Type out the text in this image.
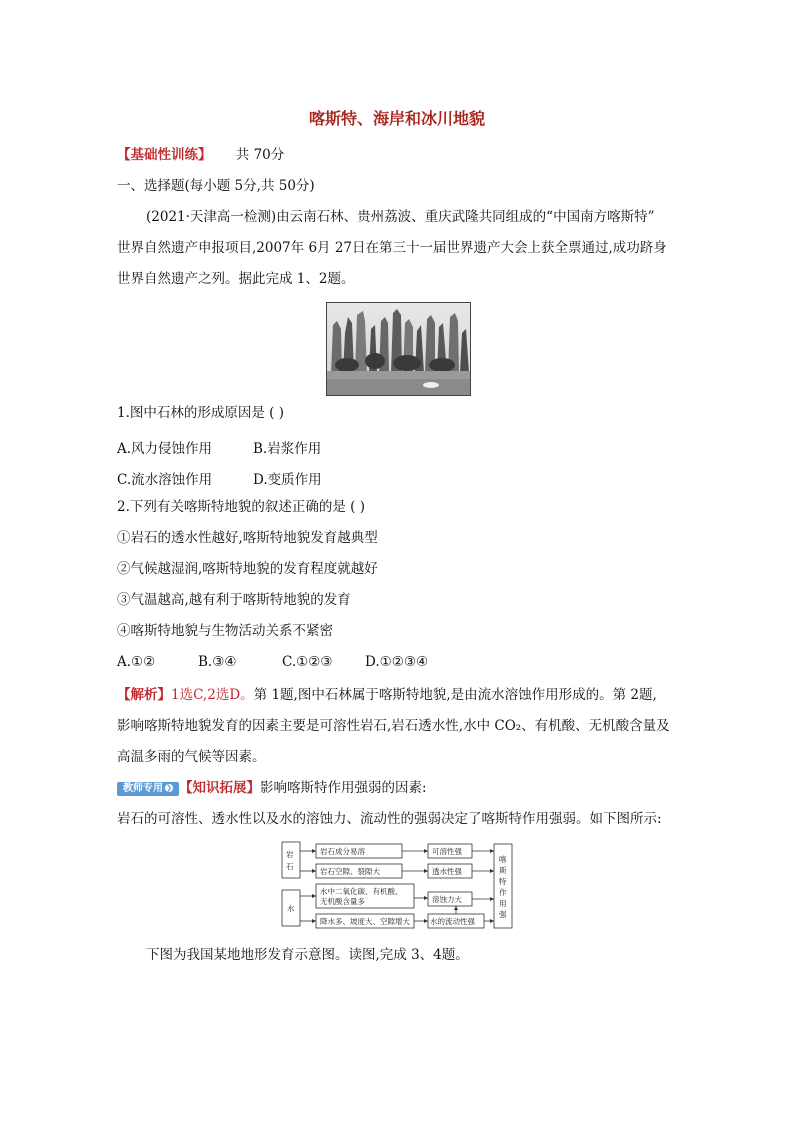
喀斯特、海岸和冰川地貌
【基础性训练】 共 70分
一、选择题(每小题 5分,共 50分)
(2021·天津高一检测)由云南石林、贵州荔波、重庆武隆共同组成的“中国南方喀斯特”
世界自然遗产申报项目,2007年 6月 27日在第三十一届世界遗产大会上获全票通过,成功跻身
世界自然遗产之列。据此完成 1、2题。
1.图中石林的形成原因是 ( )
A.风力侵蚀作用	B.岩浆作用
C.流水溶蚀作用	D.变质作用
2.下列有关喀斯特地貌的叙述正确的是 ( )
①岩石的透水性越好,喀斯特地貌发育越典型
②气候越湿润,喀斯特地貌的发育程度就越好
③气温越高,越有利于喀斯特地貌的发育
④喀斯特地貌与生物活动关系不紧密
A.①②	B.③④	C.①②③ D.①②③④
【解析】1选C,2选D。第 1题,图中石林属于喀斯特地貌,是由流水溶蚀作用形成的。第 2题,
影响喀斯特地貌发育的因素主要是可溶性岩石,岩石透水性,水中 CO₂、有机酸、无机酸含量及
高温多雨的气候等因素。
教师专用 ❯ 【知识拓展】影响喀斯特作用强弱的因素:
岩石的可溶性、透水性以及水的溶蚀力、流动性的强弱决定了喀斯特作用强弱。如下图所示:
岩
石
水
岩石成分易溶
岩石空隙、裂隙大
水中二氧化碳、有机酸、
无机酸含量多
降水多、坡度大、空隙增大
可溶性强
透水性强
溶蚀力大
水的流动性强
喀
斯
特
作
用
强
下图为我国某地地形发育示意图。读图,完成 3、4题。
